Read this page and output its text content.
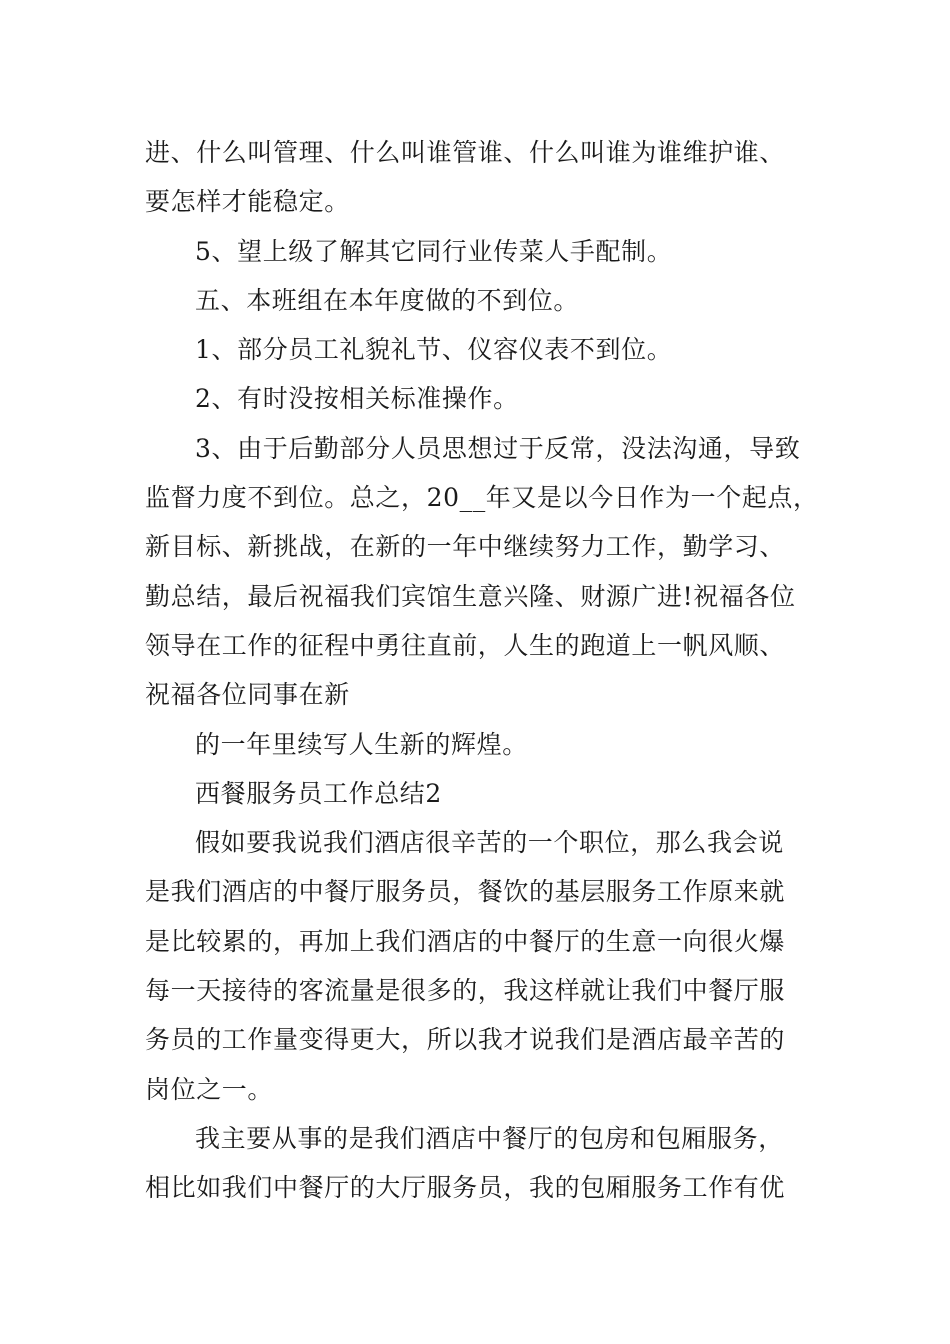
进、什么叫管理、什么叫谁管谁、什么叫谁为谁维护谁、
要怎样才能稳定。
5、望上级了解其它同行业传菜人手配制。
五、本班组在本年度做的不到位。
1、部分员工礼貌礼节、仪容仪表不到位。
2、有时没按相关标准操作。
3、由于后勤部分人员思想过于反常，没法沟通，导致
监督力度不到位。总之，20__年又是以今日作为一个起点，
新目标、新挑战，在新的一年中继续努力工作，勤学习、
勤总结，最后祝福我们宾馆生意兴隆、财源广进!祝福各位
领导在工作的征程中勇往直前，人生的跑道上一帆风顺、
祝福各位同事在新
的一年里续写人生新的辉煌。
西餐服务员工作总结2
假如要我说我们酒店很辛苦的一个职位，那么我会说
是我们酒店的中餐厅服务员，餐饮的基层服务工作原来就
是比较累的，再加上我们酒店的中餐厅的生意一向很火爆
每一天接待的客流量是很多的，我这样就让我们中餐厅服
务员的工作量变得更大，所以我才说我们是酒店最辛苦的
岗位之一。
我主要从事的是我们酒店中餐厅的包房和包厢服务，
相比如我们中餐厅的大厅服务员，我的包厢服务工作有优
